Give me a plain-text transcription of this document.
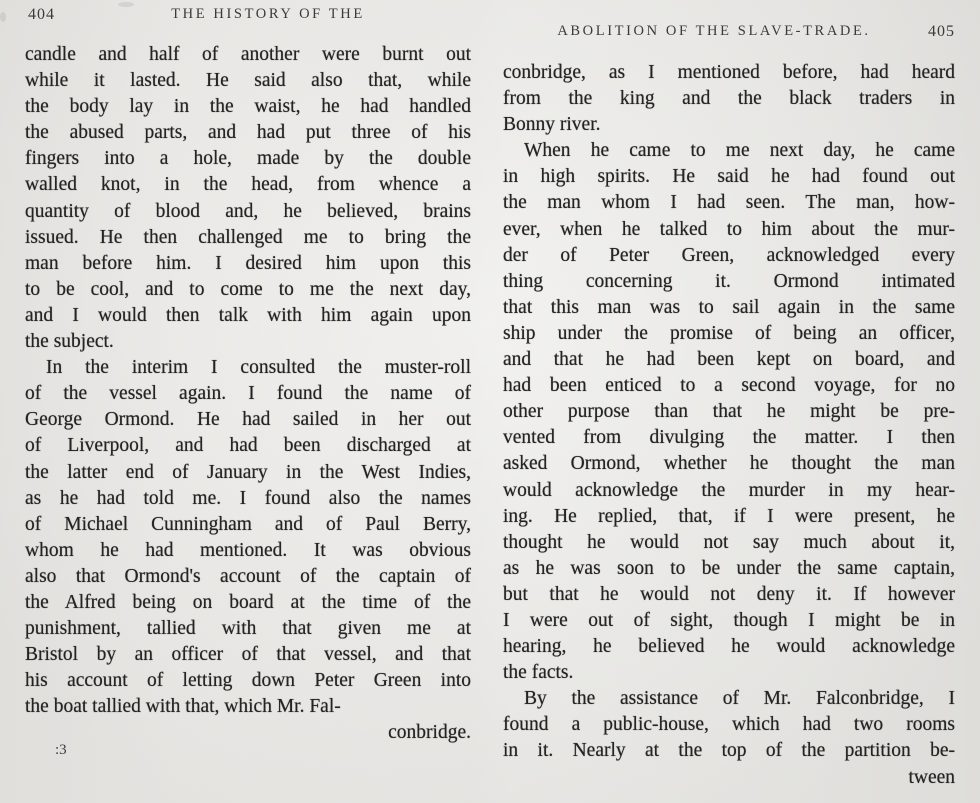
404	THE HISTORY OF THE
405
ABOLITION OF THE SLAVE-TRADE.
candle and half of another were burnt out
while it lasted. He said also that, while
the body lay in the waist, he had handled
the abused parts, and had put three of his
fingers into a hole, made by the double
walled knot, in the head, from whence a
quantity of blood and, he believed, brains
issued. He then challenged me to bring the
man before him. I desired him upon this
to be cool, and to come to me the next day,
and I would then talk with him again upon
the subject.
In the interim I consulted the muster-roll
of the vessel again. I found the name of
George Ormond. He had sailed in her out
of Liverpool, and had been discharged at
the latter end of January in the West Indies,
as he had told me. I found also the names
of Michael Cunningham and of Paul Berry,
whom he had mentioned. It was obvious
also that Ormond's account of the captain of
the Alfred being on board at the time of the
punishment, tallied with that given me at
Bristol by an officer of that vessel, and that
his account of letting down Peter Green into
the boat tallied with that, which Mr. Fal-
conbridge.
conbridge, as I mentioned before, had heard
from the king and the black traders in
Bonny river.
When he came to me next day, he came
in high spirits. He said he had found out
the man whom I had seen. The man, how-
ever, when he talked to him about the mur-
der of Peter Green, acknowledged every
thing concerning it. Ormond intimated
that this man was to sail again in the same
ship under the promise of being an officer,
and that he had been kept on board, and
had been enticed to a second voyage, for no
other purpose than that he might be pre-
vented from divulging the matter. I then
asked Ormond, whether he thought the man
would acknowledge the murder in my hear-
ing. He replied, that, if I were present, he
thought he would not say much about it,
as he was soon to be under the same captain,
but that he would not deny it. If however
I were out of sight, though I might be in
hearing, he believed he would acknowledge
the facts.
By the assistance of Mr. Falconbridge, I
found a public-house, which had two rooms
in it. Nearly at the top of the partition be-
tween
:3
